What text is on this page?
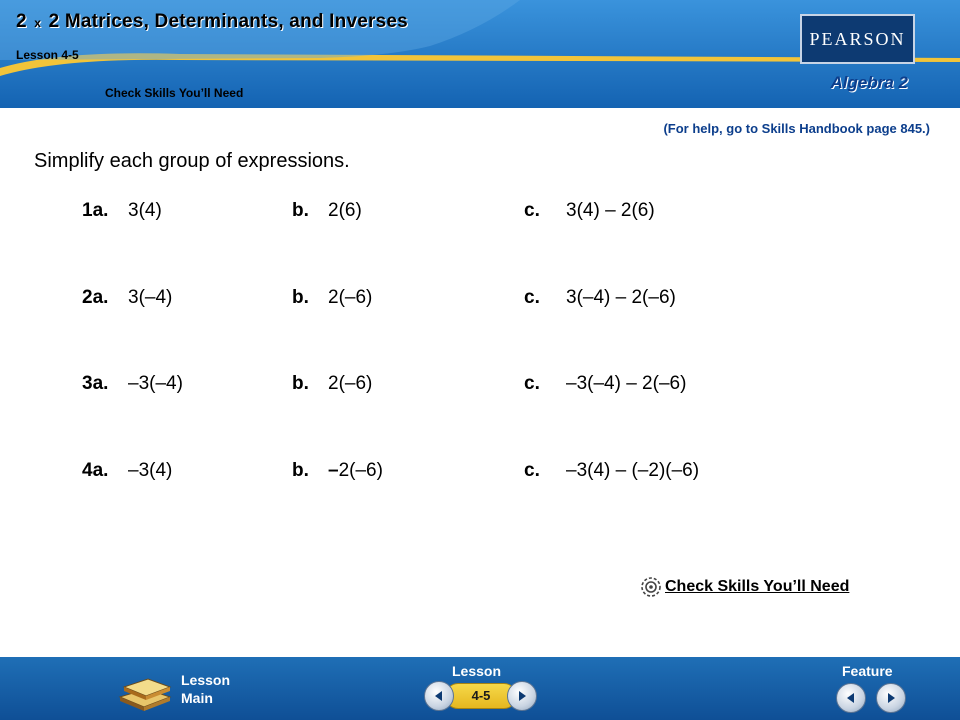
2 x 2 Matrices, Determinants, and Inverses
Lesson 4-5
Check Skills You’ll Need
PEARSON
Algebra 2
(For help, go to Skills Handbook page 845.)
Simplify each group of expressions.
1a. 3(4)	b. 2(6)	c. 3(4) – 2(6)
2a. 3(–4)	b. 2(–6)	c. 3(–4) – 2(–6)
3a. –3(–4)	b. 2(–6)	c. –3(–4) – 2(–6)
4a. –3(4)	b. –2(–6)	c. –3(4) – (–2)(–6)
Check Skills You’ll Need
Lesson
Main
Lesson
4-5
Feature
